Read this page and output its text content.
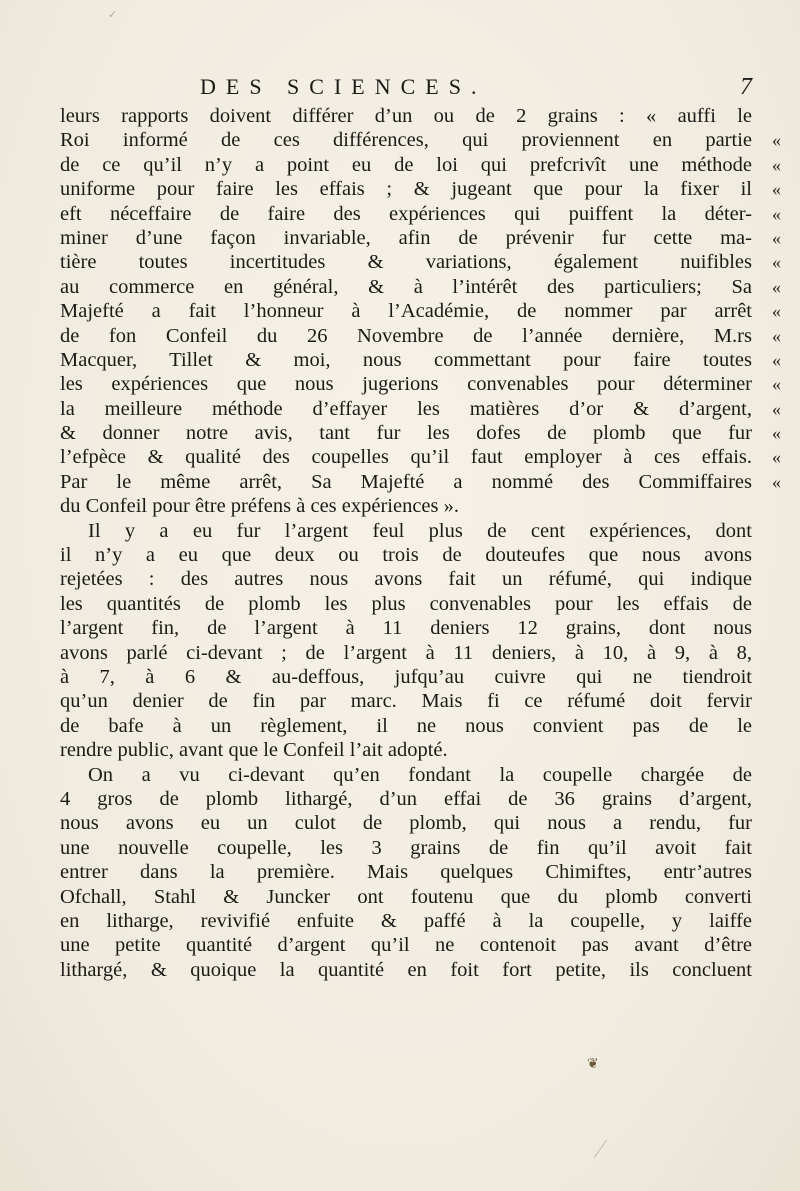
✓
DES SCIENCES.	7
leurs rapports doivent différer d’un ou de 2 grains : « auffi le
Roi informé de ces différences, qui proviennent en partie «
de ce qu’il n’y a point eu de loi qui prefcrivît une méthode «
uniforme pour faire les effais ; & jugeant que pour la fixer il «
eft néceffaire de faire des expériences qui puiffent la déter- «
miner d’une façon invariable, afin de prévenir fur cette ma- «
tière toutes incertitudes & variations, également nuifibles «
au commerce en général, & à l’intérêt des particuliers; Sa «
Majefté a fait l’honneur à l’Académie, de nommer par arrêt «
de fon Confeil du 26 Novembre de l’année dernière, M.rs «
Macquer, Tillet & moi, nous commettant pour faire toutes «
les expériences que nous jugerions convenables pour déterminer «
la meilleure méthode d’effayer les matières d’or & d’argent, «
& donner notre avis, tant fur les dofes de plomb que fur «
l’efpèce & qualité des coupelles qu’il faut employer à ces effais. «
Par le même arrêt, Sa Majefté a nommé des Commiffaires «
du Confeil pour être préfens à ces expériences ».
Il y a eu fur l’argent feul plus de cent expériences, dont
il n’y a eu que deux ou trois de douteufes que nous avons
rejetées : des autres nous avons fait un réfumé, qui indique
les quantités de plomb les plus convenables pour les effais de
l’argent fin, de l’argent à 11 deniers 12 grains, dont nous
avons parlé ci-devant ; de l’argent à 11 deniers, à 10, à 9, à 8,
à 7, à 6 & au-deffous, jufqu’au cuivre qui ne tiendroit
qu’un denier de fin par marc. Mais fi ce réfumé doit fervir
de bafe à un règlement, il ne nous convient pas de le
rendre public, avant que le Confeil l’ait adopté.
On a vu ci-devant qu’en fondant la coupelle chargée de
4 gros de plomb lithargé, d’un effai de 36 grains d’argent,
nous avons eu un culot de plomb, qui nous a rendu, fur
une nouvelle coupelle, les 3 grains de fin qu’il avoit fait
entrer dans la première. Mais quelques Chimiftes, entr’autres
Ofchall, Stahl & Juncker ont foutenu que du plomb converti
en litharge, revivifié enfuite & paffé à la coupelle, y laiffe
une petite quantité d’argent qu’il ne contenoit pas avant d’être
lithargé, & quoique la quantité en foit fort petite, ils concluent
❦
